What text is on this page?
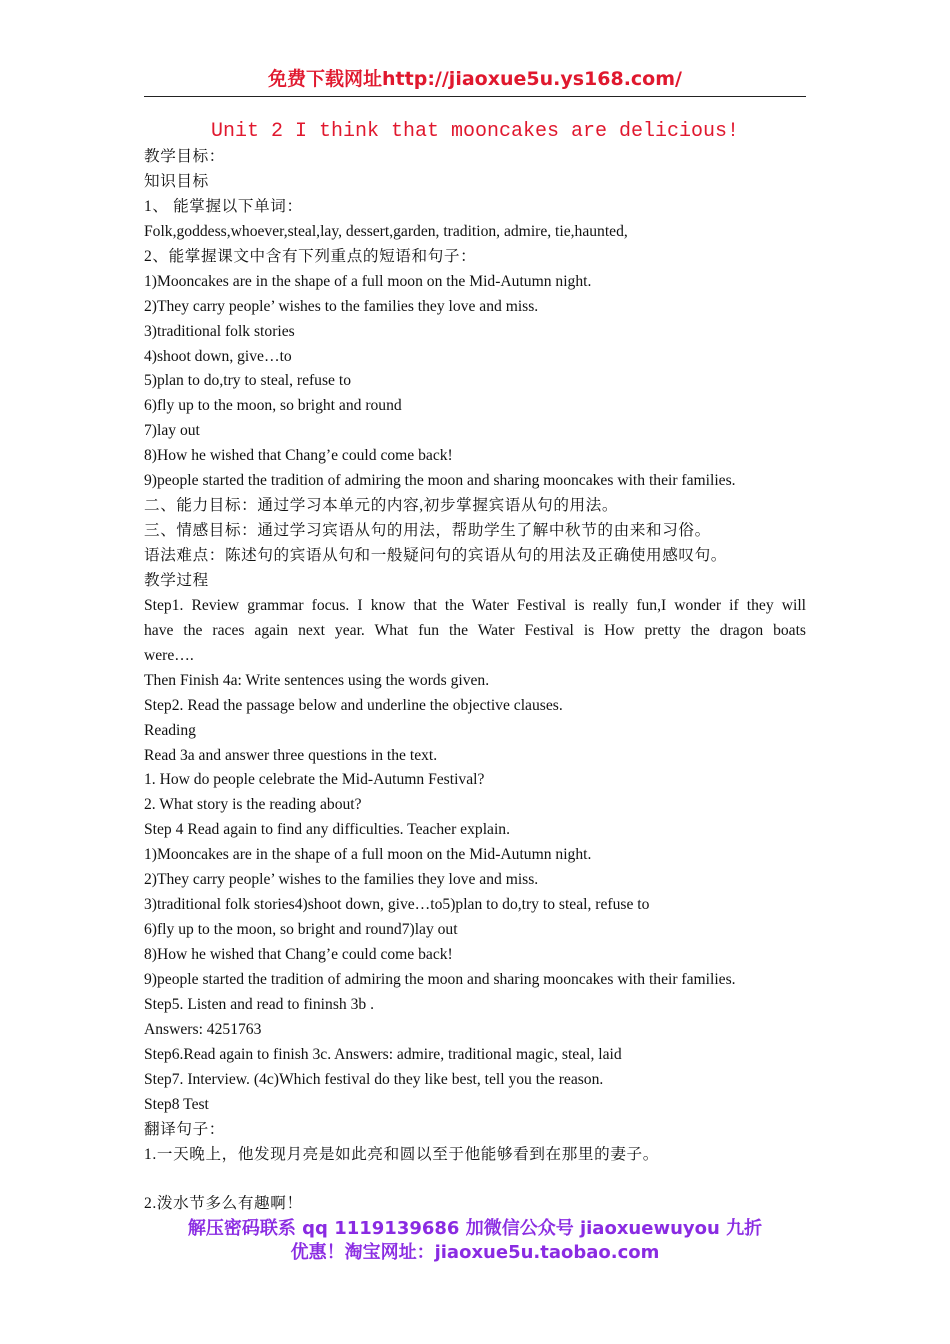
免费下载网址http://jiaoxue5u.ys168.com/
Unit 2 I think that mooncakes are delicious!
教学目标：
知识目标
1、 能掌握以下单词：
Folk,goddess,whoever,steal,lay, dessert,garden, tradition, admire, tie,haunted,
2、能掌握课文中含有下列重点的短语和句子：
1)Mooncakes are in the shape of a full moon on the Mid-Autumn night.
2)They carry people’ wishes to the families they love and miss.
3)traditional folk stories
4)shoot down, give…to
5)plan to do,try to steal, refuse to
6)fly up to the moon, so bright and round
7)lay out
8)How he wished that Chang’e could come back!
9)people started the tradition of admiring the moon and sharing mooncakes with their families.
二、能力目标：通过学习本单元的内容,初步掌握宾语从句的用法。
三、情感目标：通过学习宾语从句的用法，帮助学生了解中秋节的由来和习俗。
语法难点：陈述句的宾语从句和一般疑问句的宾语从句的用法及正确使用感叹句。
教学过程
Step1. Review grammar focus. I know that the Water Festival is really fun,I wonder if they will
have the races again next year. What fun the Water Festival is How pretty the dragon boats
were….
Then Finish 4a: Write sentences using the words given.
Step2. Read the passage below and underline the objective clauses.
Reading
Read 3a and answer three questions in the text.
1. How do people celebrate the Mid-Autumn Festival?
2. What story is the reading about?
Step 4 Read again to find any difficulties. Teacher explain.
1)Mooncakes are in the shape of a full moon on the Mid-Autumn night.
2)They carry people’ wishes to the families they love and miss.
3)traditional folk stories4)shoot down, give…to5)plan to do,try to steal, refuse to
6)fly up to the moon, so bright and round7)lay out
8)How he wished that Chang’e could come back!
9)people started the tradition of admiring the moon and sharing mooncakes with their families.
Step5. Listen and read to fininsh 3b .
Answers: 4251763
Step6.Read again to finish 3c. Answers: admire, traditional magic, steal, laid
Step7. Interview. (4c)Which festival do they like best, tell you the reason.
Step8 Test
翻译句子：
1.一天晚上，他发现月亮是如此亮和圆以至于他能够看到在那里的妻子。
2.泼水节多么有趣啊！
解压密码联系 qq 1119139686 加微信公众号 jiaoxuewuyou 九折
优惠！淘宝网址：jiaoxue5u.taobao.com
